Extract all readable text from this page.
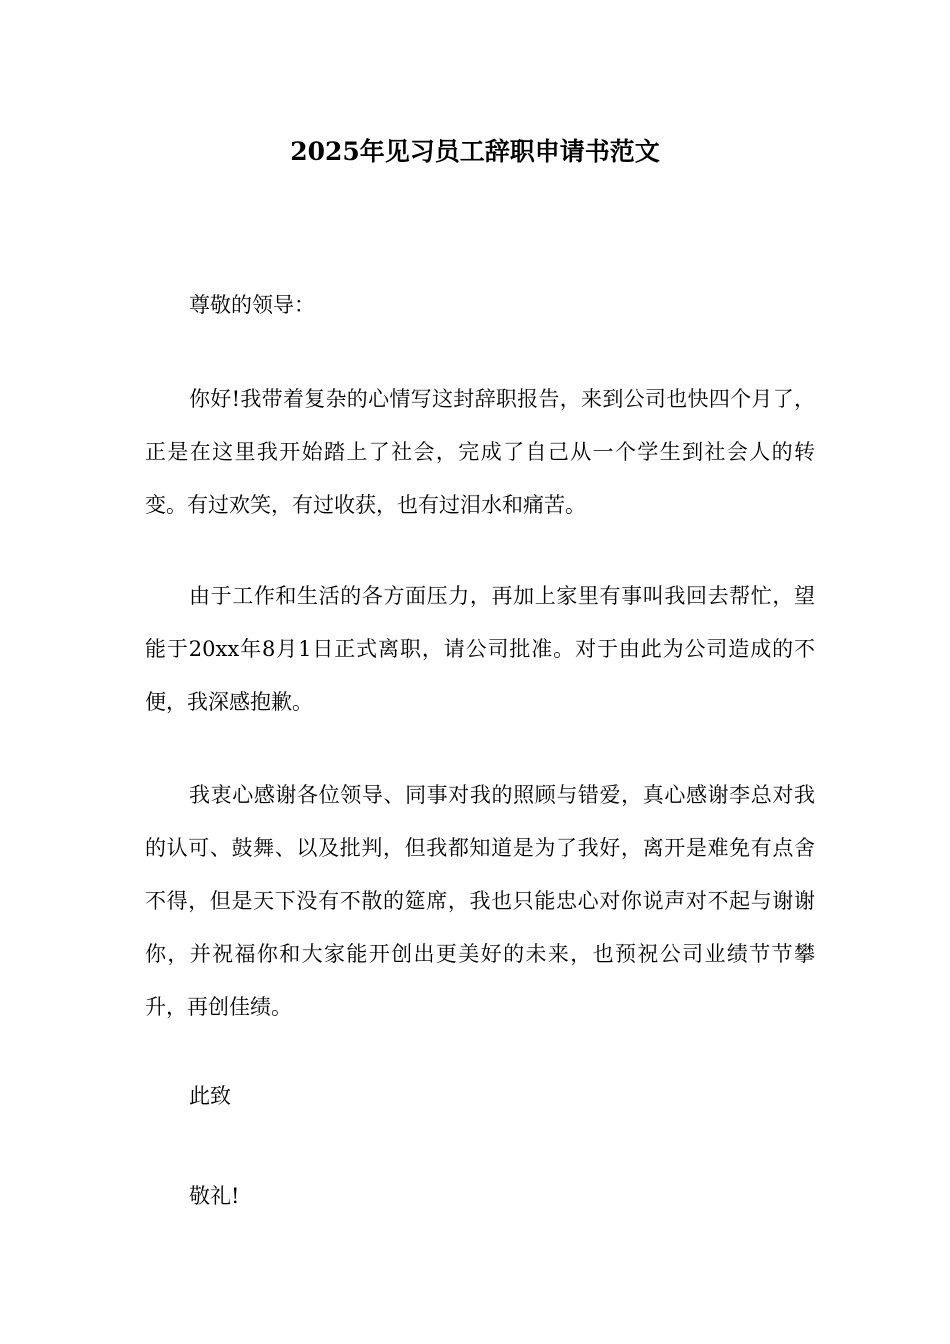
2025年见习员工辞职申请书范文

尊敬的领导：

你好!我带着复杂的心情写这封辞职报告，来到公司也快四个月了，正是在这里我开始踏上了社会，完成了自己从一个学生到社会人的转变。有过欢笑，有过收获，也有过泪水和痛苦。

由于工作和生活的各方面压力，再加上家里有事叫我回去帮忙，望能于20xx年8月1日正式离职，请公司批准。对于由此为公司造成的不便，我深感抱歉。

我衷心感谢各位领导、同事对我的照顾与错爱，真心感谢李总对我的认可、鼓舞、以及批判，但我都知道是为了我好，离开是难免有点舍不得，但是天下没有不散的筵席，我也只能忠心对你说声对不起与谢谢你，并祝福你和大家能开创出更美好的未来，也预祝公司业绩节节攀升，再创佳绩。

此致

敬礼!
